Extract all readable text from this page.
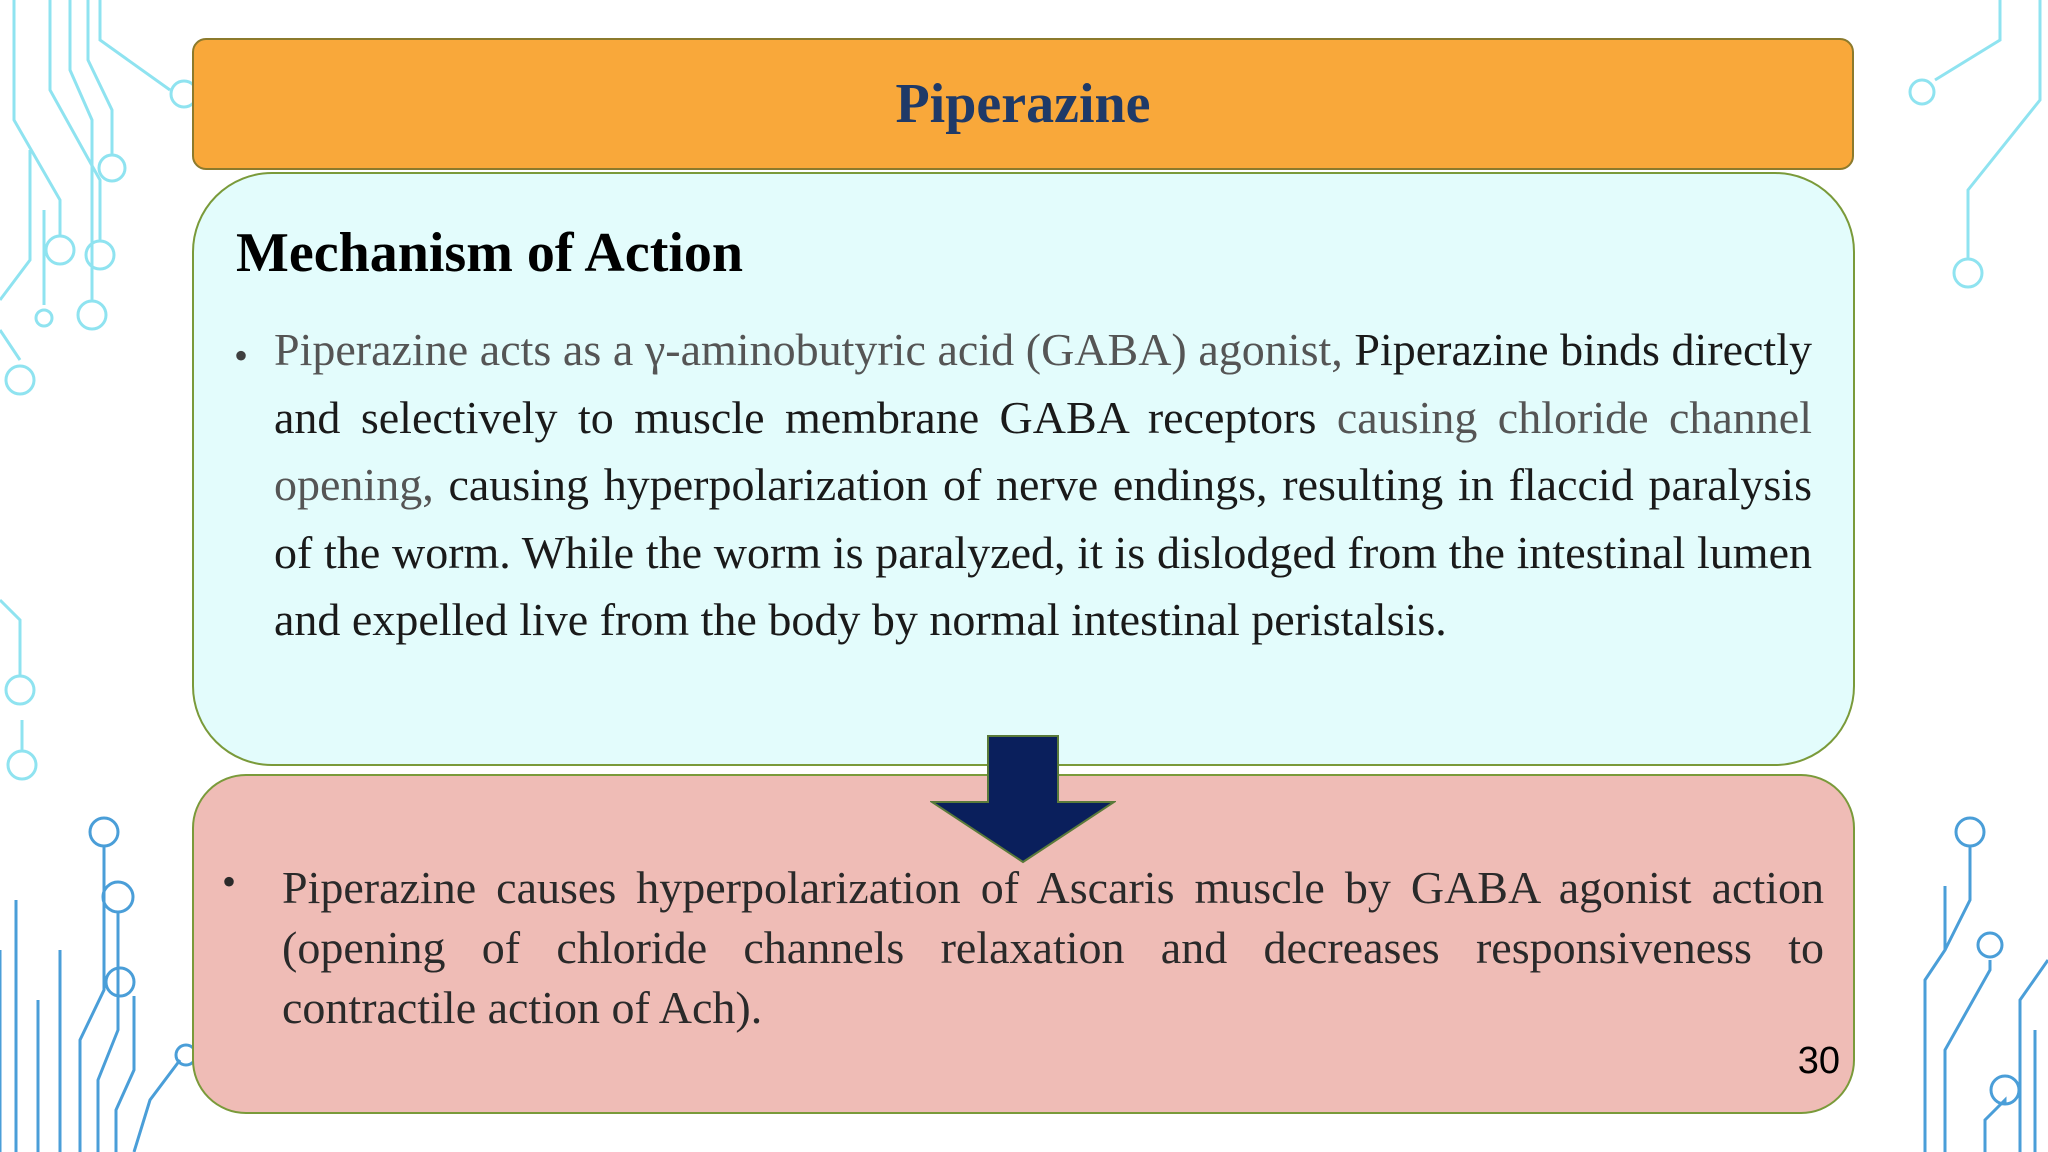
Piperazine
Mechanism of Action
• Piperazine acts as a γ-aminobutyric acid (GABA) agonist, Piperazine binds directly and selectively to muscle membrane GABA receptors causing chloride channel opening, causing hyperpolarization of nerve endings, resulting in flaccid paralysis of the worm. While the worm is paralyzed, it is dislodged from the intestinal lumen and expelled live from the body by normal intestinal peristalsis.
• Piperazine causes hyperpolarization of Ascaris muscle by GABA agonist action (opening of chloride channels relaxation and decreases responsiveness to contractile action of Ach).
30
